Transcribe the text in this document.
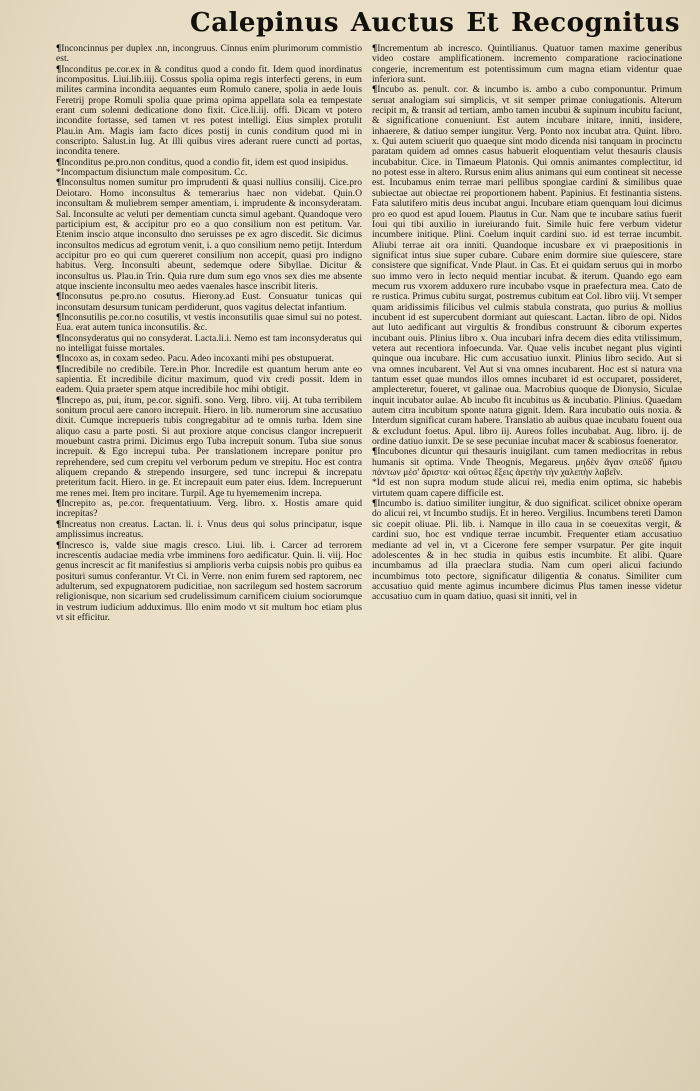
Calepinus Auctus Et Recognitus

¶Inconcinnus per duplex .nn, incongruus. Cinnus enim plurimorum commistio est.

¶Inconditus pe.cor.ex in & conditus quod a condo fit. Idem quod inordinatus incompositus. Liui.lib.iiij. Cossus spolia opima regis interfecti gerens, in eum milites carmina incondita aequantes eum Romulo canere, spolia in aede Iouis Feretrij prope Romuli spolia quae prima opima appellata sola ea tempestate erant cum solenni dedicatione dono fixit. Cice.li.iij. offi. Dicam vt potero incondite fortasse, sed tamen vt res potest intelligi. Eius simplex protulit Plau.in Am. Magis iam facto dices postij in cunis conditum quod mi in conscripto. Salust.in Iug. At illi quibus vires aderant ruere cuncti ad portas, incondita tenere.

¶Inconditus pe.pro.non conditus, quod a condio fit, idem est quod insipidus.

*Incompactum disiunctum male compositum. Cc.

¶Inconsultus nomen sumitur pro imprudenti & quasi nullius consilij. Cice.pro Deiotaro. Homo inconsultus & temerarius haec non videbat. Quin.O inconsultam & muliebrem semper amentiam, i. imprudente & inconsyderatam. Sal. Inconsulte ac veluti per dementiam cuncta simul agebant. Quandoque vero participium est, & accipitur pro eo a quo consilium non est petitum. Var. Etenim inscio atque inconsulto dno seruisses pe ex agro discedit. Sic dicimus inconsultos medicus ad egrotum venit, i. a quo consilium nemo petijt. Interdum accipitur pro eo qui cum quereret consilium non accepit, quasi pro indigno habitus. Verg. Inconsulti abeunt, sedemque odere Sibyllae. Dicitur & inconsultus us. Plau.in Trin. Quia rure dum sum ego vnos sex dies me absente atque insciente inconsultu meo aedes vaenales hasce inscribit literis.

¶Inconsutus pe.pro.no cosutus. Hierony.ad Eust. Consuatur tunicas qui inconsutam desursum tunicam perdiderunt, quos vagitus delectat infantium.

¶Inconsutilis pe.cor.no cosutilis, vt vestis inconsutilis quae simul sui no potest. Eua. erat autem tunica inconsutilis. &c.

¶Inconsyderatus qui no consyderat. Lacta.li.i. Nemo est tam inconsyderatus qui no intelligat fuisse mortales.

¶Incoxo as, in coxam sedeo. Pacu. Adeo incoxanti mihi pes obstupuerat.

¶Incredibile no credibile. Tere.in Phor. Incredile est quantum herum ante eo sapientia. Et incredibile dicitur maximum, quod vix credi possit. Idem in eadem. Quia praeter spem atque incredibile hoc mihi obtigit.

¶Increpo as, pui, itum, pe.cor. signifi. sono. Verg. libro. viij. At tuba terribilem sonitum procul aere canoro increpuit. Hiero. in lib. numerorum sine accusatiuo dixit. Cumque increpueris tubis congregabitur ad te omnis turba. Idem sine aliquo casu a parte posti. Si aut proxiore atque concisus clangor increpuerit mouebunt castra primi. Dicimus ergo Tuba increpuit sonum. Tuba siue sonus increpuit. & Ego increpui tuba. Per translationem increpare ponitur pro reprehendere, sed cum crepitu vel verborum pedum ve strepitu. Hoc est contra aliquem crepando & strependo insurgere, sed tunc increpui & increpatu preteritum facit. Hiero. in ge. Et increpauit eum pater eius. Idem. Increpuerunt me renes mei. Item pro incitare. Turpil. Age tu hyememenim increpa.

¶Increpito as, pe.cor. frequentatiuum. Verg. libro. x. Hostis amare quid increpitas?

¶Increatus non creatus. Lactan. li. i. Vnus deus qui solus principatur, isque amplissimus increatus.

¶Incresco is, valde siue magis cresco. Liui. lib. i. Carcer ad terrorem increscentis audaciae media vrbe imminens foro aedificatur. Quin. li. viij. Hoc genus increscit ac fit manifestius si amplioris verba cuipsis nobis pro quibus ea posituri sumus conferantur. Vt Ci. in Verre. non enim furem sed raptorem, nec adulterum, sed expugnatorem pudicitiae, non sacrilegum sed hostem sacrorum religionisque, non sicarium sed crudelissimum carnificem ciuium sociorumque in vestrum iudicium adduximus. Illo enim modo vt sit multum hoc etiam plus vt sit efficitur.

¶Incrementum ab incresco. Quintilianus. Quatuor tamen maxime generibus video costare amplificationem. incremento comparatione raciocinatione congerie, incrementum est potentissimum cum magna etiam videntur quae inferiora sunt.

¶Incubo as. penult. cor. & incumbo is. ambo a cubo componuntur. Primum seruat analogiam sui simplicis, vt sit semper primae coniugationis. Alterum recipit m, & transit ad tertiam, ambo tamen incubui & supinum incubitu faciunt, & significatione conueniunt. Est autem incubare initare, inniti, insidere, inhaerere, & datiuo semper iungitur. Verg. Ponto nox incubat atra. Quint. libro. x. Qui autem sciuerit quo quaeque sint modo dicenda nisi tanquam in procinctu paratam quidem ad omnes casus habuerit eloquentiam velut thesauris clausis incubabitur. Cice. in Timaeum Platonis. Qui omnis animantes complectitur, id no potest esse in altero. Rursus enim alius animans qui eum contineat sit necesse est. Incubamus enim terrae mari pellibus spongiae cardini & similibus quae subiectae aut obiectae rei proportionem habent. Papinius. Et festinantia sistens. Fata salutifero mitis deus incubat angui. Incubare etiam quenquam loui dicimus pro eo quod est apud Iouem. Plautus in Cur. Nam que te incubare satius fuerit Ioui qui tibi auxilio in iureiurando fuit. Simile huic fere verbum videtur incumbere initique. Plini. Coelum inquit cardini suo. id est terrae incumbit. Aliubi terrae ait ora inniti. Quandoque incusbare ex vi praepositionis in significat intus siue super cubare. Cubare enim dormire siue quiescere, stare consistere que significat. Vnde Plaut. in Cas. Et ei quidam seruus qui in morbo suo immo vero in lecto nequid mentiar incubat. & iterum. Quando ego eam mecum rus vxorem adduxero rure incubabo vsque in praefectura mea. Cato de re rustica. Primus cubitu surgat, postremus cubitum eat Col. libro viij. Vt semper quam aridissimis filicibus vel culmis stabula constrata, quo purius & mollius incubent id est supercubent dormiant aut quiescant. Lactan. libro de opi. Nidos aut luto aedificant aut virgultis & frondibus construunt & ciborum expertes incubant ouis. Plinius libro x. Oua incubari infra decem dies edita vtilissimum, vetera aut recentiora infoecunda. Var. Quae velis incubet negant plus viginti quinque oua incubare. Hic cum accusatiuo iunxit. Plinius libro secido. Aut si vna omnes incubarent. Vel Aut si vna omnes incubarent. Hoc est si natura vna tantum esset quae mundos illos omnes incubaret id est occuparet, possideret, amplecteretur, foueret, vt galinae oua. Macrobius quoque de Dionysio, Siculae inquit incubator aulae. Ab incubo fit incubitus us & incubatio. Plinius. Quaedam autem citra incubitum sponte natura gignit. Idem. Rara incubatio ouis noxia. & Interdum significat curam habere. Translatio ab auibus quae incubatu fouent oua & excludunt foetus. Apul. libro iij. Aureos folles incubabat. Aug. libro. ij. de ordine datiuo iunxit. De se sese pecuniae incubat macer & scabiosus foenerator.

¶Incubones dicuntur qui thesauris inuigilant. cum tamen mediocritas in rebus humanis sit optima. Vnde Theognis, Megareus. μηδὲν ἄγαν σπεῦδ' ἥμισυ πάντων μέσ' ἄριστα· καὶ οὕτως ἕξεις ἀρετὴν τὴν χαλεπὴν λαβεῖν.

*Id est non supra modum stude alicui rei, media enim optima, sic habebis virtutem quam capere difficile est.

¶Incumbo is. datiuo similiter iungitur, & duo significat. scilicet obnixe operam do alicui rei, vt Incumbo studijs. Et in hereo. Vergilius. Incumbens tereti Damon sic coepit oliuae. Pli. lib. i. Namque in illo caua in se coeuexitas vergit, & cardini suo, hoc est vndique terrae incumbit. Frequenter etiam accusatiuo mediante ad vel in, vt a Cicerone fere semper vsurpatur. Per gite inquit adolescentes & in hec studia in quibus estis incumbite. Et alibi. Quare incumbamus ad illa praeclara studia. Nam cum operi alicui faciundo incumbimus toto pectore, significatur diligentia & conatus. Similiter cum accusatiuo quid mente agimus incumbere dicimus Plus tamen inesse videtur accusatiuo cum in quam datiuo, quasi sit inniti, vel in
